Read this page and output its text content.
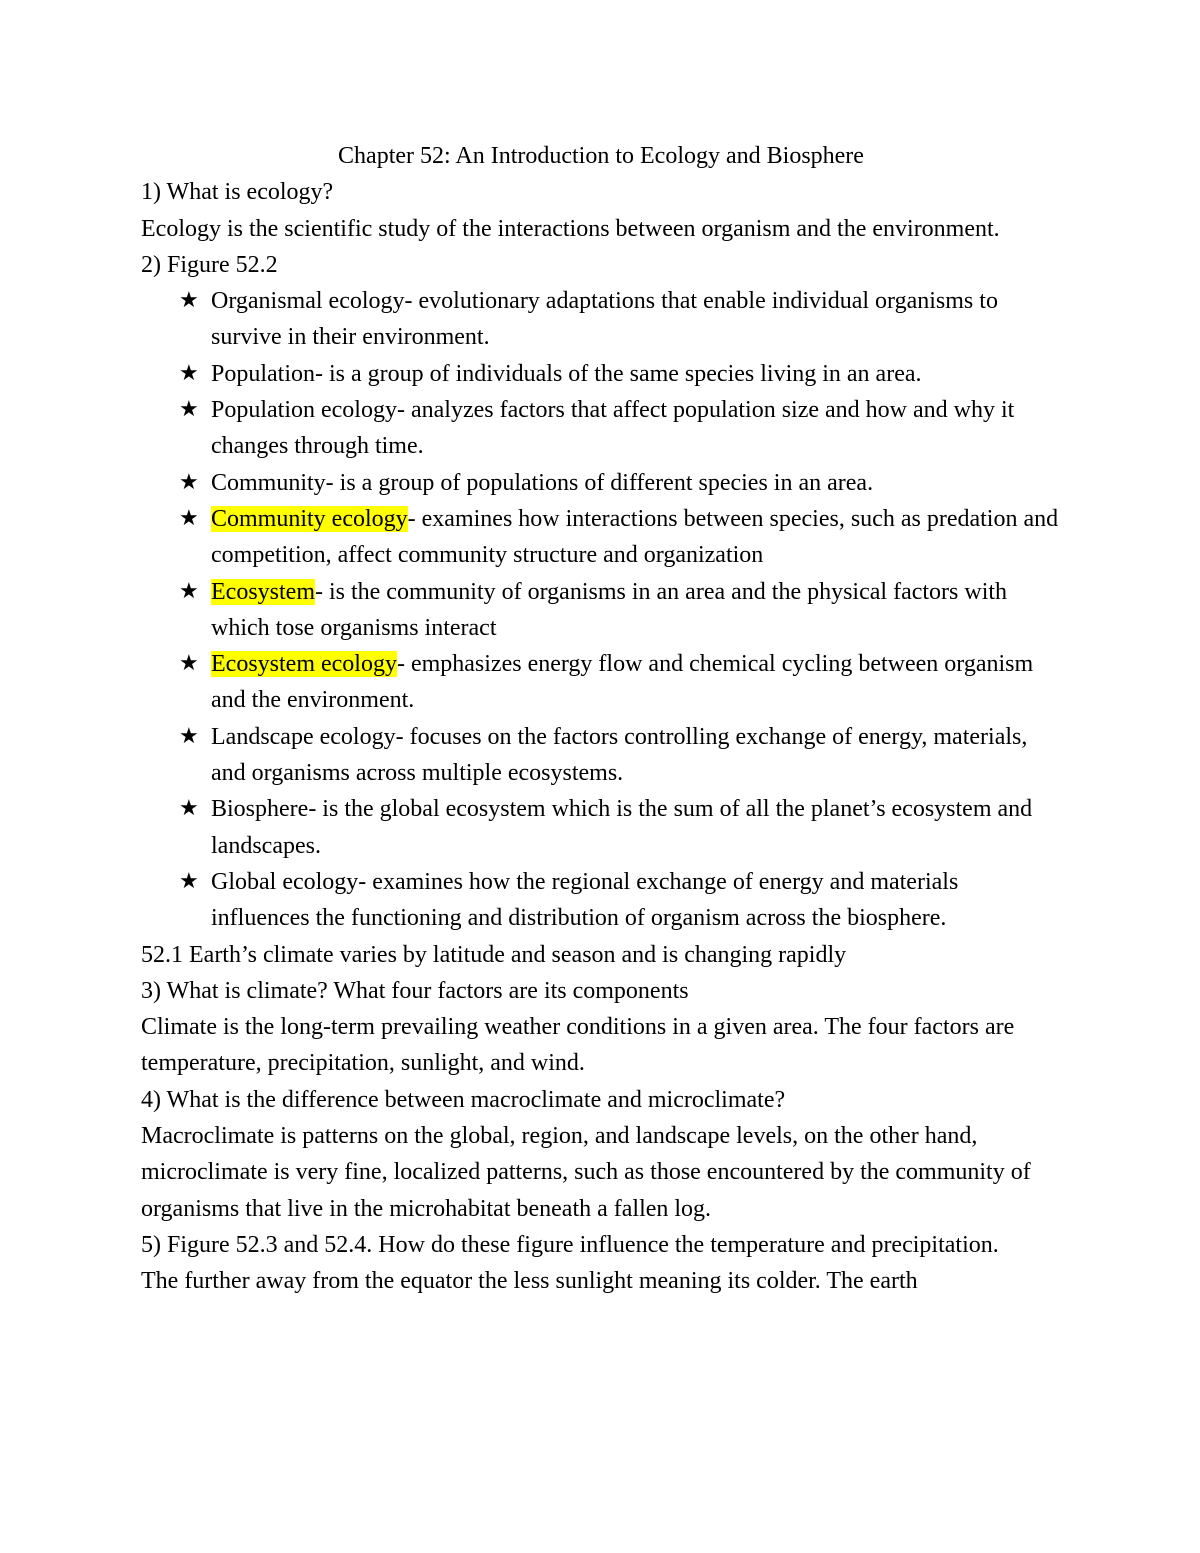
Chapter 52: An Introduction to Ecology and Biosphere

1) What is ecology?

Ecology is the scientific study of the interactions between organism and the environment.

2) Figure 52.2

★ Organismal ecology- evolutionary adaptations that enable individual organisms to survive in their environment.
★ Population- is a group of individuals of the same species living in an area.
★ Population ecology- analyzes factors that affect population size and how and why it changes through time.
★ Community- is a group of populations of different species in an area.
★ Community ecology- examines how interactions between species, such as predation and competition, affect community structure and organization
★ Ecosystem- is the community of organisms in an area and the physical factors with which tose organisms interact
★ Ecosystem ecology- emphasizes energy flow and chemical cycling between organism and the environment.
★ Landscape ecology- focuses on the factors controlling exchange of energy, materials, and organisms across multiple ecosystems.
★ Biosphere- is the global ecosystem which is the sum of all the planet’s ecosystem and landscapes.
★ Global ecology- examines how the regional exchange of energy and materials influences the functioning and distribution of organism across the biosphere.

52.1 Earth’s climate varies by latitude and season and is changing rapidly

3) What is climate? What four factors are its components

Climate is the long-term prevailing weather conditions in a given area. The four factors are temperature, precipitation, sunlight, and wind.

4) What is the difference between macroclimate and microclimate?

Macroclimate is patterns on the global, region, and landscape levels, on the other hand, microclimate is very fine, localized patterns, such as those encountered by the community of organisms that live in the microhabitat beneath a fallen log.

5) Figure 52.3 and 52.4. How do these figure influence the temperature and precipitation.

The further away from the equator the less sunlight meaning its colder. The earth
